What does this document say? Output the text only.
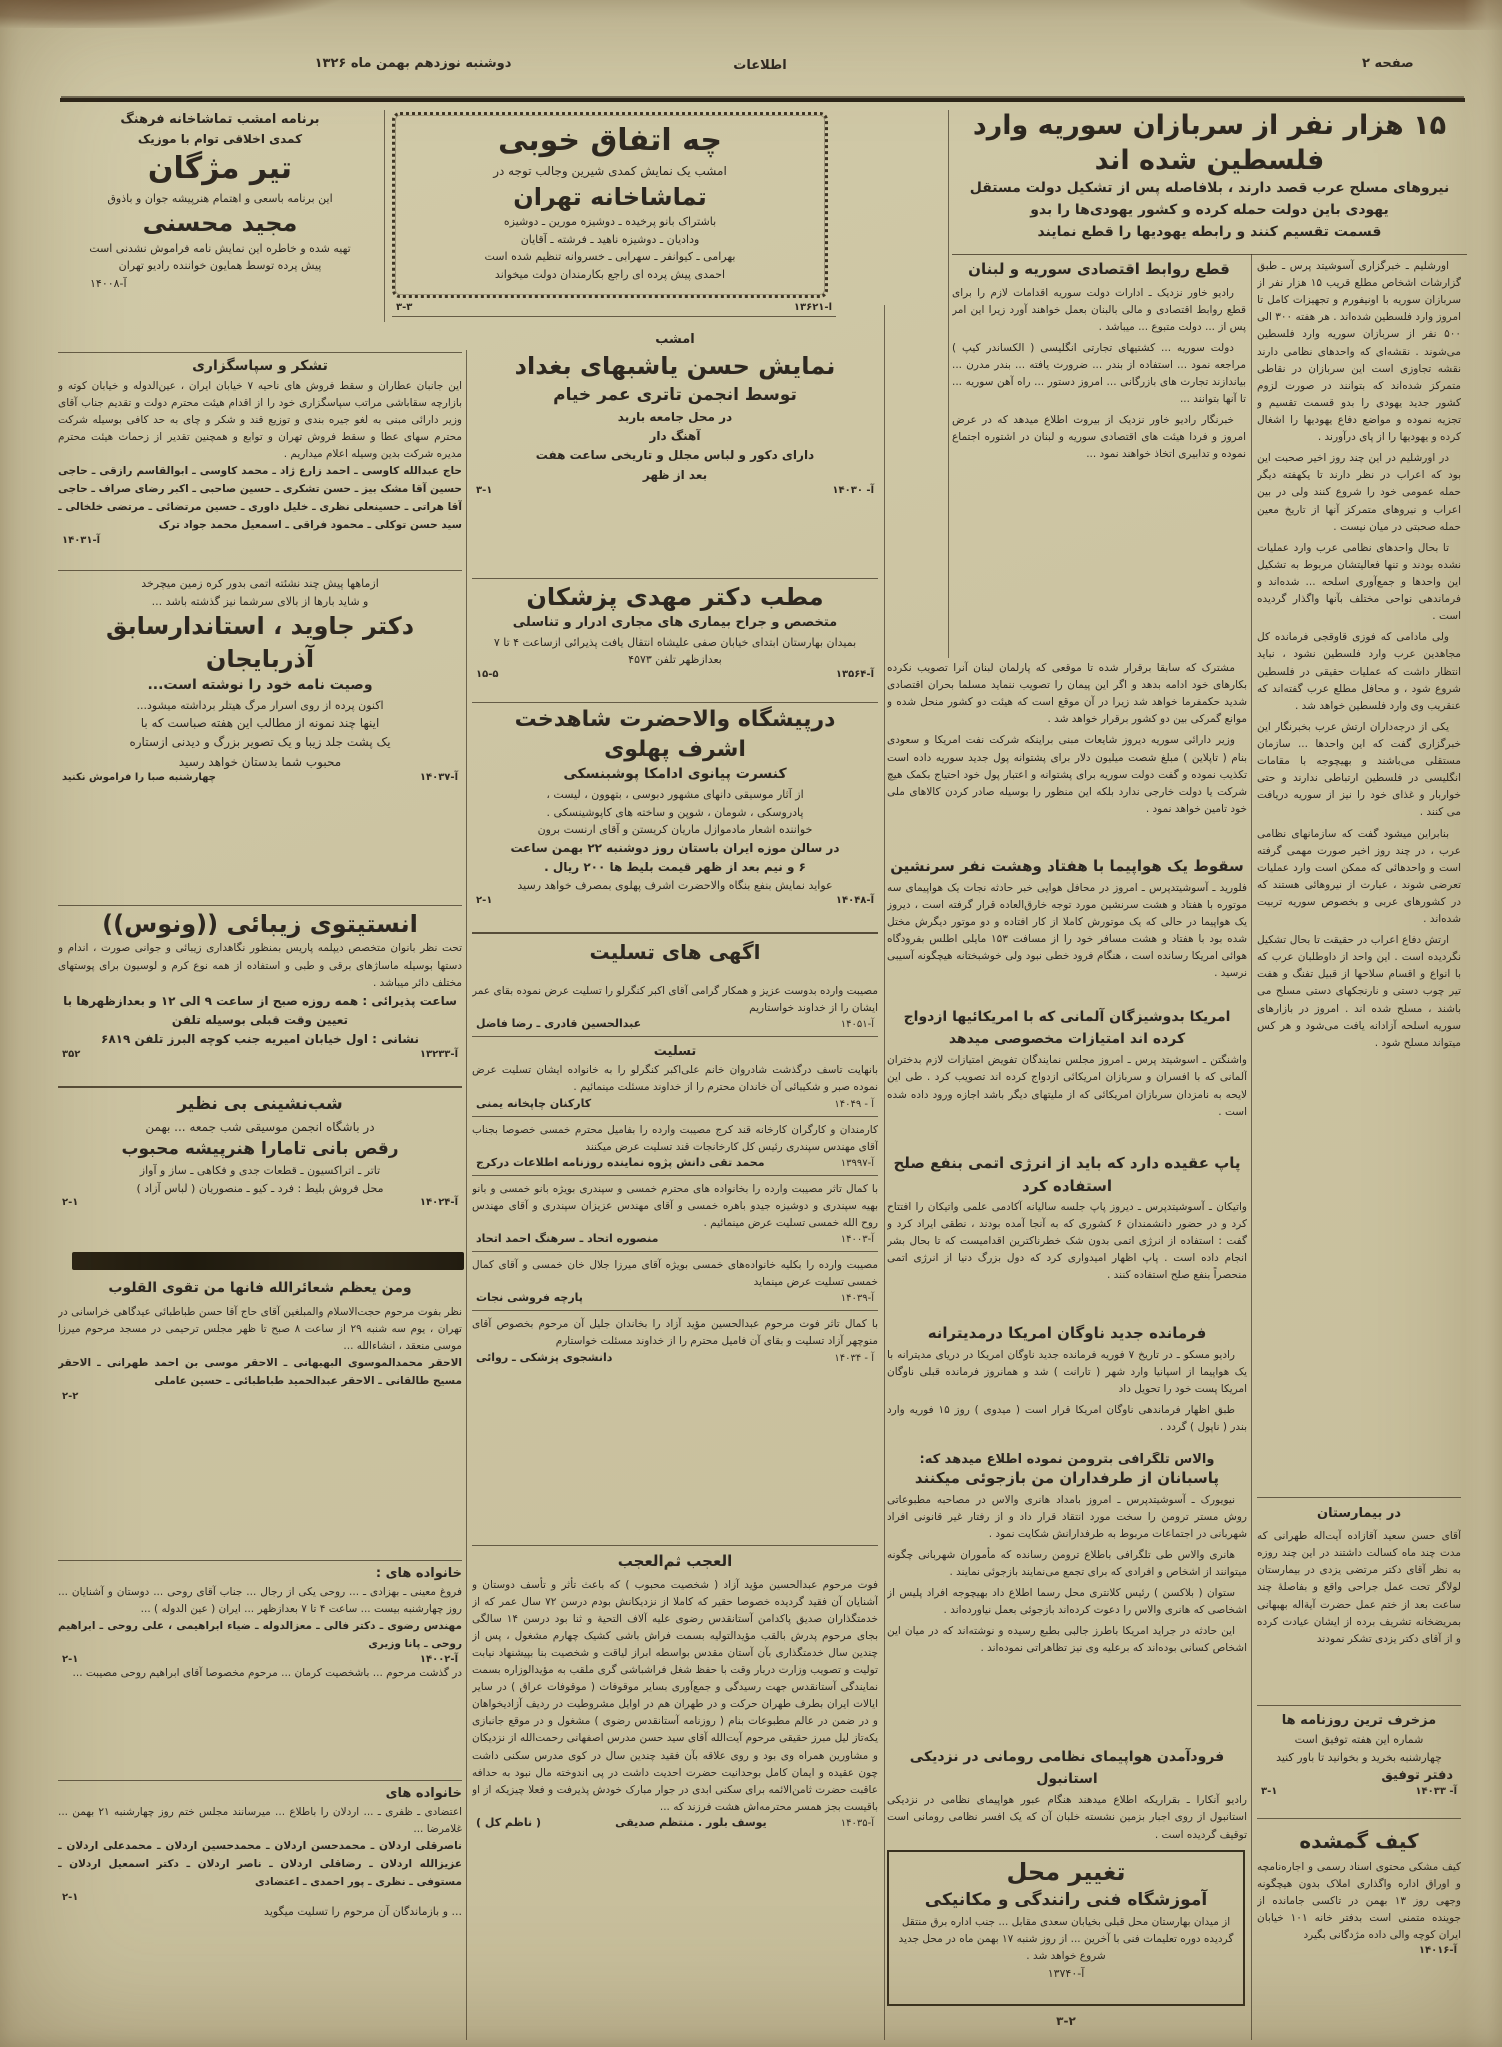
دوشنبه نوزدهم بهمن ماه ۱۳۲۶	اطلاعات	صفحه ۲
۱۵ هزار نفر از سربازان سوریه وارد فلسطین شده اند
نیروهای مسلح عرب قصد دارند ، بلافاصله پس از تشکیل دولت مستقل
یهودی باین دولت حمله کرده و کشور یهودی‌ها را بدو
قسمت تقسیم کنند و رابطه یهودیها را قطع نمایند

اورشلیم ـ خبرگزاری آسوشیتد پرس ـ طبق گزارشات اشخاص مطلع قریب ۱۵ هزار نفر از سربازان سوریه با اونیفورم و تجهیزات کامل تا امروز وارد فلسطین شده‌اند . هر هفته ۳۰۰ الی ۵۰۰ نفر از سربازان سوریه وارد فلسطین می‌شوند . نقشه‌ای که واحدهای نظامی دارند نقشه تجاوزی است این سربازان در نقاطی متمرکز شده‌اند که بتوانند در صورت لزوم کشور جدید یهودی را بدو قسمت تقسیم و تجزیه نموده و مواضع دفاع یهودیها را اشغال کرده و یهودیها را از پای درآورند .

در اورشلیم در این چند روز اخیر صحبت این بود که اعراب در نظر دارند تا یکهفته دیگر حمله عمومی خود را شروع کنند ولی در بین اعراب و نیروهای متمرکز آنها از تاریخ معین حمله صحبتی در میان نیست .

تا بحال واحدهای نظامی عرب وارد عملیات نشده بودند و تنها فعالیتشان مربوط به تشکیل این واحدها و جمع‌آوری اسلحه ... شده‌اند و فرماندهی نواحی مختلف بآنها واگذار گردیده است .

ولی مادامی که فوزی قاوقجی فرمانده کل مجاهدین عرب وارد فلسطین نشود ، نباید انتظار داشت که عملیات حقیقی در فلسطین شروع شود ، و محافل مطلع عرب گفته‌اند که عنقریب وی وارد فلسطین خواهد شد .

یکی از درجه‌داران ارتش عرب بخبرنگار این خبرگزاری گفت که این واحدها ... سازمان مستقلی می‌باشند و بهیچوجه با مقامات انگلیسی در فلسطین ارتباطی ندارند و حتی خواربار و غذای خود را نیز از سوریه دریافت می کنند .

بنابراین میشود گفت که سازمانهای نظامی عرب ، در چند روز اخیر صورت مهمی گرفته است و واحدهائی که ممکن است وارد عملیات تعرضی شوند ، عبارت از نیروهائی هستند که در کشورهای عربی و بخصوص سوریه تربیت شده‌اند .

ارتش دفاع اعراب در حقیقت تا بحال تشکیل نگردیده است . این واحد از داوطلبان عرب که با انواع و اقسام سلاحها از قبیل تفنگ و هفت تیر چوب دستی و نارنجکهای دستی مسلح می باشند ، مسلح شده اند . امروز در بازارهای سوریه اسلحه آزادانه یافت می‌شود و هر کس میتواند مسلح شود .

در بیمارستان
آقای حسن سعید آقازاده آیت‌اله طهرانی که مدت چند ماه کسالت داشتند در این چند روزه به نظر آقای دکتر مرتضی یزدی در بیمارستان لولاگر تحت عمل جراحی واقع و بفاصلهٔ چند ساعت بعد از ختم عمل حضرت آیة‌اله بهبهانی بمریضخانه تشریف برده از ایشان عیادت کرده و از آقای دکتر یزدی تشکر نمودند
مزخرف ترین روزنامه ها
شماره این هفته توفیق است
چهارشنبه بخرید و بخوانید تا باور کنید
دفتر توفیق
آ- ۱۴۰۳۳
۳-۱
کیف گمشده
کیف مشکی محتوی اسناد رسمی و اجاره‌نامچه و اوراق اداره واگذاری املاک بدون هیچگونه وجهی روز ۱۳ بهمن در تاکسی جامانده از جوینده متمنی است بدفتر خانه ۱۰۱ خیابان ایران کوچه والی داده مژدگانی بگیرد
آ-۱۴۰۱۶
قطع روابط اقتصادی سوریه و لبنان

رادیو خاور نزدیک ـ ادارات دولت سوریه اقدامات لازم را برای قطع روابط اقتصادی و مالی بالبنان بعمل خواهند آورد زیرا این امر پس از ... دولت متبوع ... میباشد .

دولت سوریه ... کشتیهای تجارتی انگلیسی ( الکساندر کیپ ) مراجعه نمود ... استفاده از بندر ... ضرورت یافته ... بندر مدرن ... بیاندازند تجارت های بازرگانی ... امروز دستور ... راه آهن سوریه ... تا آنها بتوانند ...

خبرنگار رادیو خاور نزدیک از بیروت اطلاع میدهد که در عرض امروز و فردا هیئت های اقتصادی سوریه و لبنان در اشتوره اجتماع نموده و تدابیری اتخاذ خواهند نمود ...

مشترک که سابقا برقرار شده تا موقعی که پارلمان لبنان آنرا تصویب نکرده بکارهای خود ادامه بدهد و اگر این پیمان را تصویب ننماید مسلما بحران اقتصادی شدید حکمفرما خواهد شد زیرا در آن موقع است که هیئت دو کشور منحل شده و موانع گمرکی بین دو کشور برقرار خواهد شد .

وزیر دارائی سوریه دیروز شایعات مبنی براینکه شرکت نفت امریکا و سعودی بنام ( تاپلاین ) مبلغ شصت میلیون دلار برای پشتوانه پول جدید سوریه داده است تکذیب نموده و گفت دولت سوریه برای پشتوانه و اعتبار پول خود احتیاج بکمک هیچ شرکت یا دولت خارجی ندارد بلکه این منظور را بوسیله صادر کردن کالاهای ملی خود تامین خواهد نمود .

سقوط یک هواپیما با هفتاد وهشت نفر سرنشین
فلورید ـ آسوشیتدپرس ـ امروز در محافل هوایی خبر حادثه نجات یک هواپیمای سه موتوره با هفتاد و هشت سرنشین مورد توجه خارق‌العاده قرار گرفته است ، دیروز یک هواپیما در حالی که یک موتورش کاملا از کار افتاده و دو موتور دیگرش مختل شده بود با هفتاد و هشت مسافر خود را از مسافت ۱۵۳ مایلی اطلس بفرودگاه هوائی امریکا رسانده است ، هنگام فرود خطی نبود ولی خوشبختانه هیچگونه آسیبی نرسید .
امریکا بدوشیزگان آلمانی که با امریکائیها ازدواج
کرده اند امتیازات مخصوصی میدهد
واشنگتن ـ اسوشیتد پرس ـ امروز مجلس نمایندگان تفویض امتیازات لازم بدختران آلمانی که با افسران و سربازان امریکائی ازدواج کرده اند تصویب کرد . طی این لایحه به نامزدان سربازان امریکائی که از ملیتهای دیگر باشد اجازه ورود داده شده است .
پاپ عقیده دارد که باید از انرژی اتمی بنفع صلح استفاده کرد
واتیکان ـ آسوشیتدپرس ـ دیروز پاپ جلسه سالیانه آکادمی علمی واتیکان را افتتاح کرد و در حضور دانشمندان ۶ کشوری که به آنجا آمده بودند ، نطقی ایراد کرد و گفت : استفاده از انرژی اتمی بدون شک خطرناکترین اقدامیست که تا بحال بشر انجام داده است . پاپ اظهار امیدواری کرد که دول بزرگ دنیا از انرژی اتمی منحصراً بنفع صلح استفاده کنند .
فرمانده جدید ناوگان امریکا درمدیترانه

رادیو مسکو ـ در تاریخ ۷ فوریه فرمانده جدید ناوگان امریکا در دریای مدیترانه با یک هواپیما از اسپانیا وارد شهر ( تارانت ) شد و همانروز فرمانده قبلی ناوگان امریکا پست خود را تحویل داد

طبق اظهار فرماندهی ناوگان امریکا قرار است ( میدوی ) روز ۱۵ فوریه وارد بندر ( ناپول ) گردد .

والاس تلگرافی بترومن نموده اطلاع میدهد که:
پاسبانان از طرفداران من بازجوئی میکنند

نیویورک ـ آسوشیتدپرس ـ امروز بامداد هانری والاس در مصاحبه مطبوعاتی روش مستر ترومن را سخت مورد انتقاد قرار داد و از رفتار غیر قانونی افراد شهربانی در اجتماعات مربوط به طرفدارانش شکایت نمود .

هانری والاس طی تلگرافی باطلاع ترومن رسانده که مأموران شهربانی چگونه میتوانند از اشخاص و افرادی که برای تجمع می‌نمایند بازجوئی نمایند .

ستوان ( بلاکسن ) رئیس کلانتری محل رسما اطلاع داد بهیچوجه افراد پلیس از اشخاصی که هانری والاس را دعوت کرده‌اند بازجوئی بعمل نیاورده‌اند .

این حادثه در جراید امریکا باطرز جالبی بطبع رسیده و نوشته‌اند که در میان این اشخاص کسانی بوده‌اند که برعلیه وی نیز تظاهراتی نموده‌اند .

فرودآمدن هواپیمای نظامی رومانی در نزدیکی استانبول
رادیو آنکارا ـ بقراریکه اطلاع میدهند هنگام عبور هواپیمای نظامی در نزدیکی استانبول از روی اجبار بزمین نشسته خلبان آن که یک افسر نظامی رومانی است توقیف گردیده است .
تغییر محل
آموزشگاه فنی رانندگی و مکانیکی
از میدان بهارستان محل قبلی بخیابان سعدی مقابل ... جنب اداره برق منتقل گردیده دوره تعلیمات فنی با آخرین ... از روز شنبه ۱۷ بهمن ماه در محل جدید شروع خواهد شد .
آ-۱۳۷۴۰
۳-۲
چه اتفاق خوبی
امشب یک نمایش کمدی شیرین وجالب توجه در
تماشاخانه تهران
باشتراک بانو پرخیده ـ دوشیزه مورین ـ دوشیزه
ودادیان ـ دوشیزه ناهید ـ فرشته ـ آقایان
بهرامی ـ کیوانفر ـ سهرابی ـ خسروانه تنظیم شده است
احمدی پیش پرده ای راجع بکارمندان دولت میخواند
آ-۱۳۶۲۱
۳-۳
امشب
نمایش حسن یاشبهای بغداد
توسط انجمن تاتری عمر خیام
در محل جامعه باربد
آهنگ دار
دارای دکور و لباس مجلل و تاریخی ساعت هفت
بعد از ظهر
آ- ۱۴۰۳۰
۳-۱
مطب دکتر مهدی پزشکان
متخصص و جراح بیماری های مجاری ادرار و تناسلی
بمیدان بهارستان ابتدای خیابان صفی علیشاه انتقال یافت پذیرائی ازساعت ۴ تا ۷ بعدازظهر تلفن ۴۵۷۳
آ-۱۳۵۶۴
۱۵-۵
درپیشگاه والاحضرت شاهدخت
اشرف پهلوی
کنسرت پیانوی ادامکا پوشبنسکی
از آثار موسیقی دانهای مشهور دبوسی ، بتهوون ، لیست ،
پادروسکی ، شومان ، شوپن و ساخته های کاپوشینسکی .
خواننده اشعار مادموازل ماریان کریستن و آقای ارنست برون
در سالن موزه ایران باستان روز دوشنبه ۲۲ بهمن ساعت
۶ و نیم بعد از ظهر قیمت بلیط ها ۲۰۰ ریال .
عواید نمایش بنفع بنگاه والاحضرت اشرف پهلوی بمصرف خواهد رسید
آ-۱۴۰۴۸
۲-۱
اگهی های تسلیت
مصیبت وارده بدوست عزیز و همکار گرامی آقای اکبر کنگرلو را تسلیت عرض نموده بقای عمر ایشان را از خداوند خواستاریم
آ-۱۴۰۵۱
عبدالحسین قادری ـ رضا فاضل
تسلیت
بانهایت تاسف درگذشت شادروان خانم علی‌اکبر کنگرلو را به خانواده ایشان تسلیت عرض نموده صبر و شکیبائی آن خاندان محترم را از خداوند مسئلت مینمائیم .
آ - ۱۴۰۴۹
کارکنان چاپخانه یمنی
کارمندان و کارگران کارخانه قند کرج مصیبت وارده را بفامیل محترم خمسی خصوصا بجناب آقای مهندس سپندری رئیس کل کارخانجات قند تسلیت عرض میکنند
آ-۱۳۹۹۷
محمد تقی دانش پژوه نماینده روزنامه اطلاعات درکرج
با کمال تاثر مصیبت وارده را بخانواده های محترم خمسی و سپندری بویژه بانو خمسی و بانو بهیه سپندری و دوشیزه جیدو باهره خمسی و آقای مهندس عزیزان سپندری و آقای مهندس روح الله خمسی تسلیت عرض مینمائیم .
آ-۱۴۰۰۳
منصوره اتحاد ـ سرهنگ احمد اتحاد
مصیبت وارده را بکلیه خانواده‌های خمسی بویژه آقای میرزا جلال خان خمسی و آقای کمال خمسی تسلیت عرض مینماید
آ-۱۴۰۳۹
پارچه فروشی نجات
با کمال تاثر فوت مرحوم عبدالحسین مؤید آزاد را بخاندان جلیل آن مرحوم بخصوص آقای منوچهر آزاد تسلیت و بقای آن فامیل محترم را از خداوند مسئلت خواستارم
آ - ۱۴۰۳۴
دانشجوی پزشکی ـ روائی
العجب ثم‌العجب
فوت مرحوم عبدالحسین مؤید آزاد ( شخصیت محبوب ) که باعث تأثر و تأسف دوستان و آشنایان آن فقید گردیده خصوصا حقیر که کاملا از نزدیکانش بودم درسن ۷۲ سال عمر که از خدمتگذاران صدیق پاکدامن آستانقدس رضوی علیه آلاف التحیة و ثنا بود درسن ۱۴ سالگی بجای مرحوم پدرش بالقب مؤیدالتولیه بسمت فراش باشی کشیک چهارم مشغول ، پس از چندین سال خدمتگذاری بآن آستان مقدس بواسطه ابراز لیاقت و شخصیت بنا بپیشنهاد نیابت تولیت و تصویب وزارت دربار وقت با حفظ شغل فراشباشی گری ملقب به مؤیدالوزاره بسمت نمایندگی آستانقدس جهت رسیدگی و جمع‌آوری بسایر موقوفات ( موقوفات عراق ) در سایر ایالات ایران بطرف طهران حرکت و در طهران هم در اوایل مشروطیت در ردیف آزادیخواهان و در ضمن در عالم مطبوعات بنام ( روزنامه آستانقدس رضوی ) مشغول و در موقع جانبازی یکه‌تاز لیل مبرز حقیقی مرحوم آیت‌الله آقای سید حسن مدرس اصفهانی رحمت‌الله از نزدیکان و مشاورین همراه وی بود و روی علاقه بآن فقید چندین سال در کوی مدرس سکنی داشت چون عقیده و ایمان کامل بوحدانیت حضرت احدیت داشت در پی اندوخته مال نبود به حدافه عاقبت حضرت ثامن‌الائمه برای سکنی ابدی در جوار مبارک خودش پذیرفت و فعلا چیزیکه از او باقیست بجز همسر محترمه‌اش هشت فرزند که ...
آ-۱۴۰۳۵
یوسف بلور . منتظم صدیقی
( ناظم کل )
برنامه امشب تماشاخانه فرهنگ
کمدی اخلاقی توام با موزیک
تیر مژگان
این برنامه باسعی و اهتمام هنرپیشه جوان و باذوق
مجید محسنی
تهیه شده و خاطره این نمایش نامه فراموش نشدنی است
پیش پرده توسط همایون خواننده رادیو تهران
آ-۱۴۰۰۸
تشکر و سپاسگزاری
این جانبان عطاران و سقط فروش های ناحیه ۷ خیابان ایران ، عین‌الدوله و خیابان کوته و بازارچه سقاباشی مراتب سپاسگزاری خود را از اقدام هیئت محترم دولت و تقدیم جناب آقای وزیر دارائی مبنی به لغو جیره بندی و توزیع قند و شکر و چای به حد کافی بوسیله شرکت محترم سهای عطا و سقط فروش تهران و توابع و همچنین تقدیر از زحمات هیئت محترم مدیره شرکت بدین وسیله اعلام میداریم .
حاج عبدالله کاوسی ـ احمد زارع ژاد ـ محمد کاوسی ـ ابوالقاسم رازقی ـ حاجی حسین آقا مشک بیز ـ حسن تشکری ـ حسین صاحبی ـ اکبر رضای صراف ـ حاجی آقا هراتی ـ حسینعلی نظری ـ خلیل داوری ـ حسین مرتضائی ـ مرتضی خلخالی ـ سید حسن توکلی ـ محمود فراقی ـ اسمعیل محمد جواد ترک
آ-۱۴۰۳۱
ازماهها پیش چند نشئته اتمی بدور کره زمین میچرخد
و شاید بارها از بالای سرشما نیز گذشته باشد ...
دکتر جاوید ، استاندارسابق
آذربایجان
وصیت نامه خود را نوشته است...
اکنون پرده از روی اسرار مرگ هیتلر برداشته میشود...
اینها چند نمونه از مطالب این هفته صباست که با
یک پشت جلد زیبا و یک تصویر بزرگ و دیدنی ازستاره
محبوب شما بدستان خواهد رسید
آ-۱۴۰۳۷
چهارشنبه صبا را فراموش نکنید
انستیتوی زیبائی ((ونوس))
تحت نظر بانوان متخصص دیپلمه پاریس بمنظور نگاهداری زیبائی و جوانی صورت ، اندام و دستها بوسیله ماساژهای برقی و طبی و استفاده از همه نوع کرم و لوسیون برای پوستهای مختلف دائر میباشد .
ساعت پذیرائی : همه روزه صبح از ساعت ۹ الی ۱۲ و بعدازظهرها با تعیین وقت قبلی بوسیله تلفن
نشانی : اول خیابان امیریه جنب کوچه البرز تلفن ۶۸۱۹
آ-۱۳۲۳۳
۳۵۲
شب‌نشینی بی نظیر
در باشگاه انجمن موسیقی شب جمعه ... بهمن
رقص بانی تامارا هنرپیشه محبوب
تاتر ـ اتراکسیون ـ قطعات جدی و فکاهی ـ ساز و آواز
محل فروش بلیط : فرد ـ کیو ـ منصوریان ( لباس آزاد )
آ-۱۴۰۲۴
۲-۱
ومن یعظم شعائرالله فانها من تقوی القلوب
نظر بفوت مرحوم حجت‌الاسلام والمبلغین آقای حاج آقا حسن طباطبائی عیدگاهی خراسانی در تهران ، یوم سه شنبه ۲۹ از ساعت ۸ صبح تا ظهر مجلس ترحیمی در مسجد مرحوم میرزا موسی منعقد ، انشاءالله ...
الاحقر محمدالموسوی البهبهانی ـ الاحقر موسی بن احمد طهرانی ـ الاحقر مسیح طالقانی ـ الاحقر عبدالحمید طباطبائی ـ حسین عاملی
۲-۲
خانواده های :
فروغ معینی ـ بهزادی ـ ... روحی یکی از رجال ... جناب آقای روحی ... دوستان و آشنایان ... روز چهارشنبه بیست ... ساعت ۴ تا ۷ بعدازظهر ... ایران ( عین الدوله ) ...
مهندس رضوی ـ دکتر فالی ـ معزالدوله ـ ضیاء ابراهیمی ، علی روحی ـ ابراهیم روحی ـ پانا وزیری
آ-۱۴۰۰۲
۲-۱
در گذشت مرحوم ... باشخصیت کرمان ... مرحوم مخصوصا آقای ابراهیم روحی مصیبت ...
خانواده های
اعتضادی ـ ظفری ـ ... اردلان را باطلاع ... میرسانند مجلس ختم روز چهارشنبه ۲۱ بهمن ... غلامرضا ...
ناصرقلی اردلان ـ محمدحسن اردلان ـ محمدحسین اردلان ـ محمدعلی اردلان ـ عزیزالله اردلان ـ رضاقلی اردلان ـ ناصر اردلان ـ دکتر اسمعیل اردلان ـ مستوفی ـ نظری ـ پور احمدی ـ اعتضادی
۲-۱
... و بازماندگان آن مرحوم را تسلیت میگوید
